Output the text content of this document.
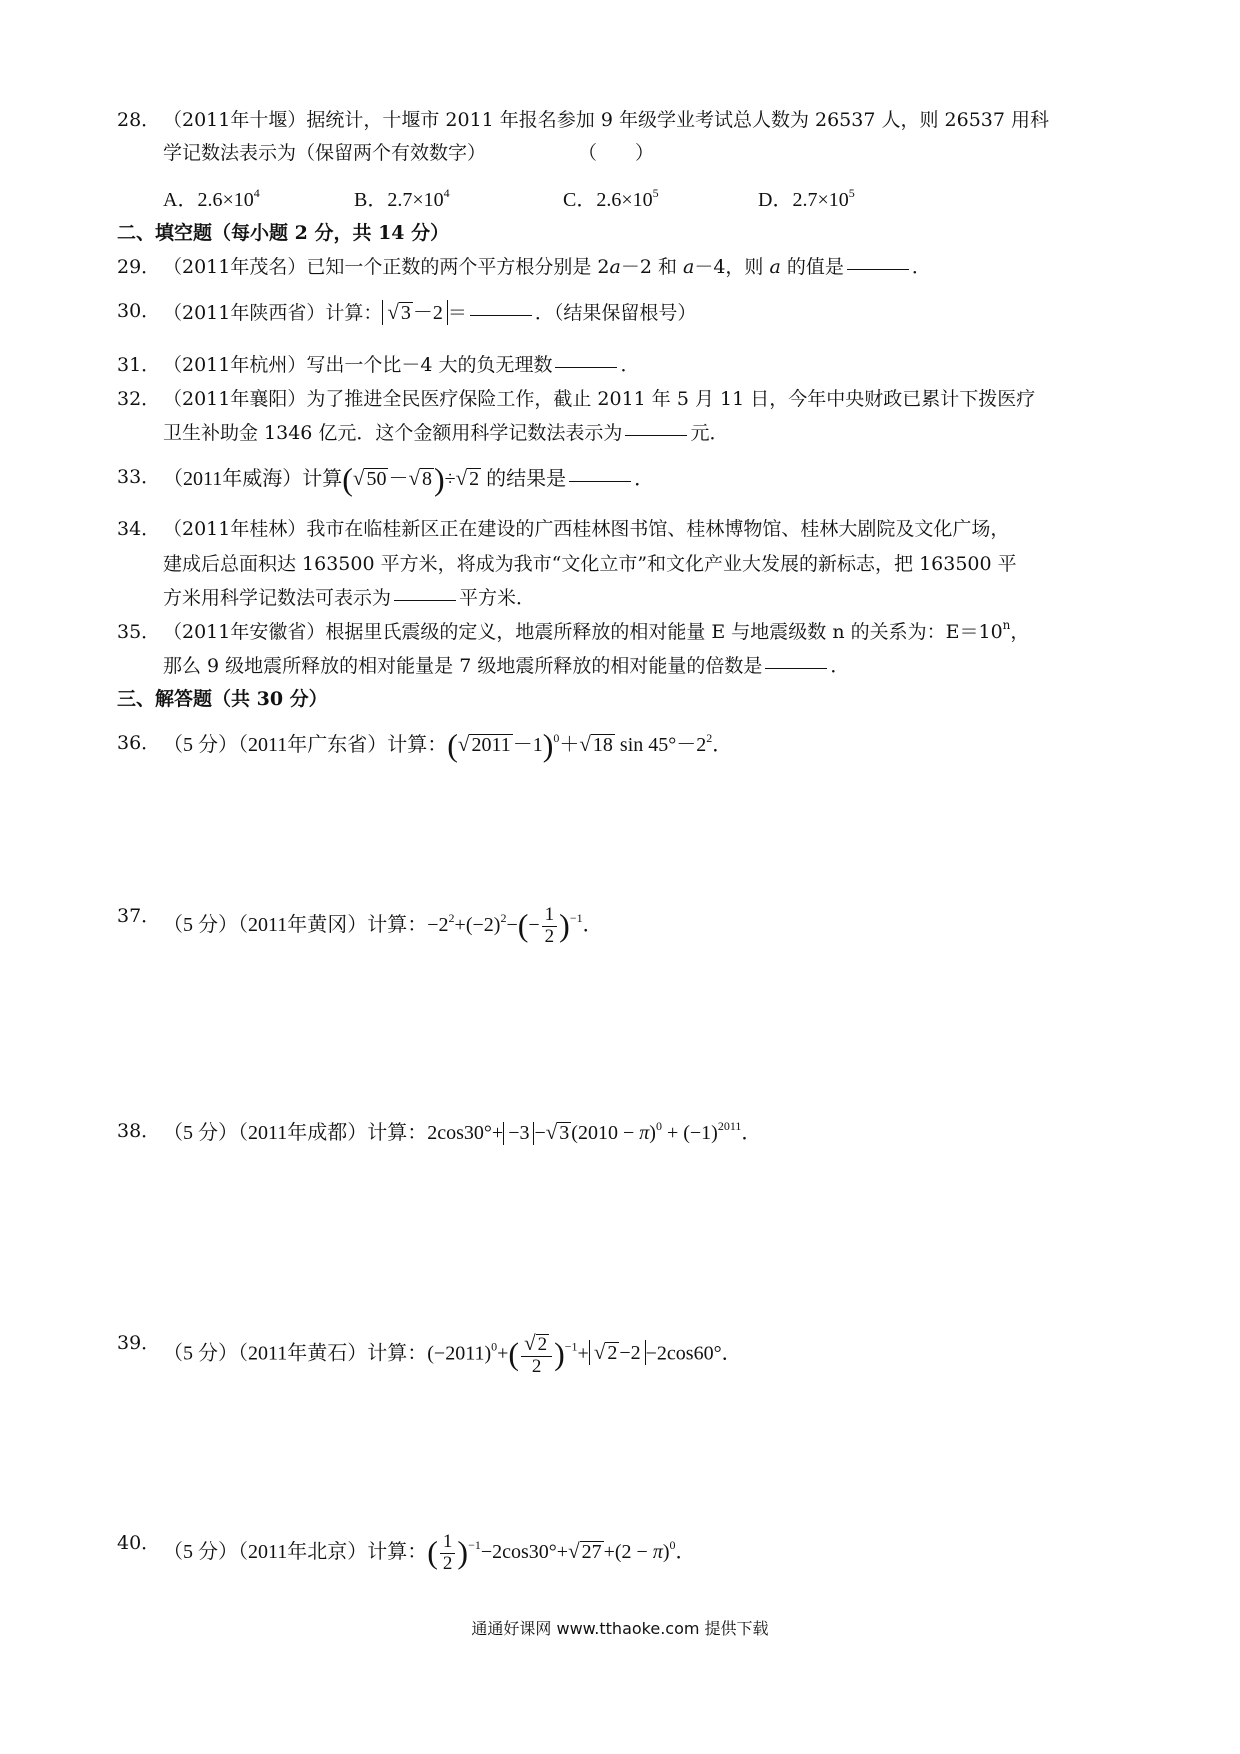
28． （2011年十堰）据统计，十堰市 2011 年报名参加 9 年级学业考试总人数为 26537 人，则 26537 用科
学记数法表示为（保留两个有效数字）	（　　）
A．$2.6\times 10^4$	B．$2.7\times 10^4$	C．$2.6\times 10^5$	D．$2.7\times 10^5$
二、填空题（每小题 2 分，共 14 分）
29． （2011年茂名）已知一个正数的两个平方根分别是 2a－2 和 a－4，则 a 的值是	．
30． （2011年陕西省）计算： √ 3 －2 ＝	．（结果保留根号）
31． （2011年杭州）写出一个比－4 大的负无理数	．
32． （2011年襄阳）为了推进全民医疗保险工作，截止 2011 年 5 月 11 日，今年中央财政已累计下拨医疗
卫生补助金 1346 亿元．这个金额用科学记数法表示为	元．
33． （2011年威海）计算(√ 50 －√ 8)÷√ 2 的结果是	．
34． （2011年桂林）我市在临桂新区正在建设的广西桂林图书馆、桂林博物馆、桂林大剧院及文化广场，
建成后总面积达 163500 平方米，将成为我市“文化立市”和文化产业大发展的新标志，把 163500 平
方米用科学记数法可表示为	平方米．
35． （2011年安徽省）根据里氏震级的定义，地震所释放的相对能量 E 与地震级数 n 的关系为：$E=10^n$，
那么 9 级地震所释放的相对能量是 7 级地震所释放的相对能量的倍数是	．
三、解答题（共 30 分）
36． （5 分）（2011年广东省）计算：(√ 2011 －1)$^0$＋√ 18 $\sin 45^\circ-2^2$．
37． （5 分）（2011年黄冈）计算：$-2^2+(-2)^2-(- \frac{1}{2} )^{-1}$．
38． （5 分）（2011年成都）计算：2cos30°+ −3 −√ 3 $(2010 - \pi)^0 + (-1)^{2011}$．
39． （5 分）（2011年黄石）计算：$(-2011)^0+( \frac{√ 2}{2} )^{-1}+$ √ 2 −2 −2cos60°．
40． （5 分）（2011年北京）计算：( $\frac{1}{2} )^{-1}-2\cos 30^\circ+√$ $27 +(2 - \pi)^0$．
通通好课网 www.tthaoke.com 提供下载
